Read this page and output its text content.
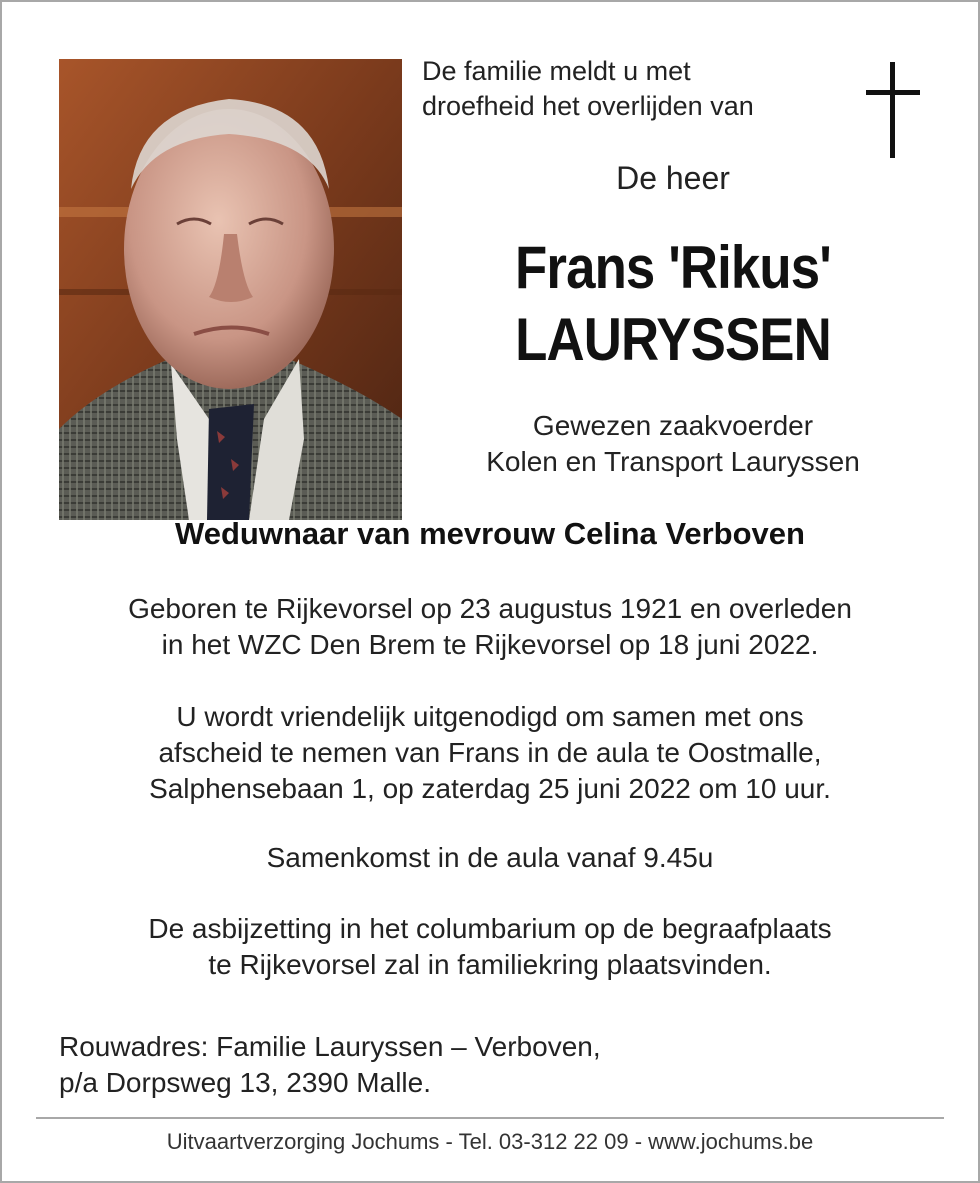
De familie meldt u met
droefheid het overlijden van
De heer
Frans 'Rikus'
LAURYSSEN
Gewezen zaakvoerder
Kolen en Transport Lauryssen
Weduwnaar van mevrouw Celina Verboven
Geboren te Rijkevorsel op 23 augustus 1921 en overleden
in het WZC Den Brem te Rijkevorsel op 18 juni 2022.
U wordt vriendelijk uitgenodigd om samen met ons
afscheid te nemen van Frans in de aula te Oostmalle,
Salphensebaan 1, op zaterdag 25 juni 2022 om 10 uur.
Samenkomst in de aula vanaf 9.45u
De asbijzetting in het columbarium op de begraafplaats
te Rijkevorsel zal in familiekring plaatsvinden.
Rouwadres: Familie Lauryssen – Verboven,
p/a Dorpsweg 13, 2390 Malle.
Uitvaartverzorging Jochums - Tel. 03-312 22 09 - www.jochums.be
